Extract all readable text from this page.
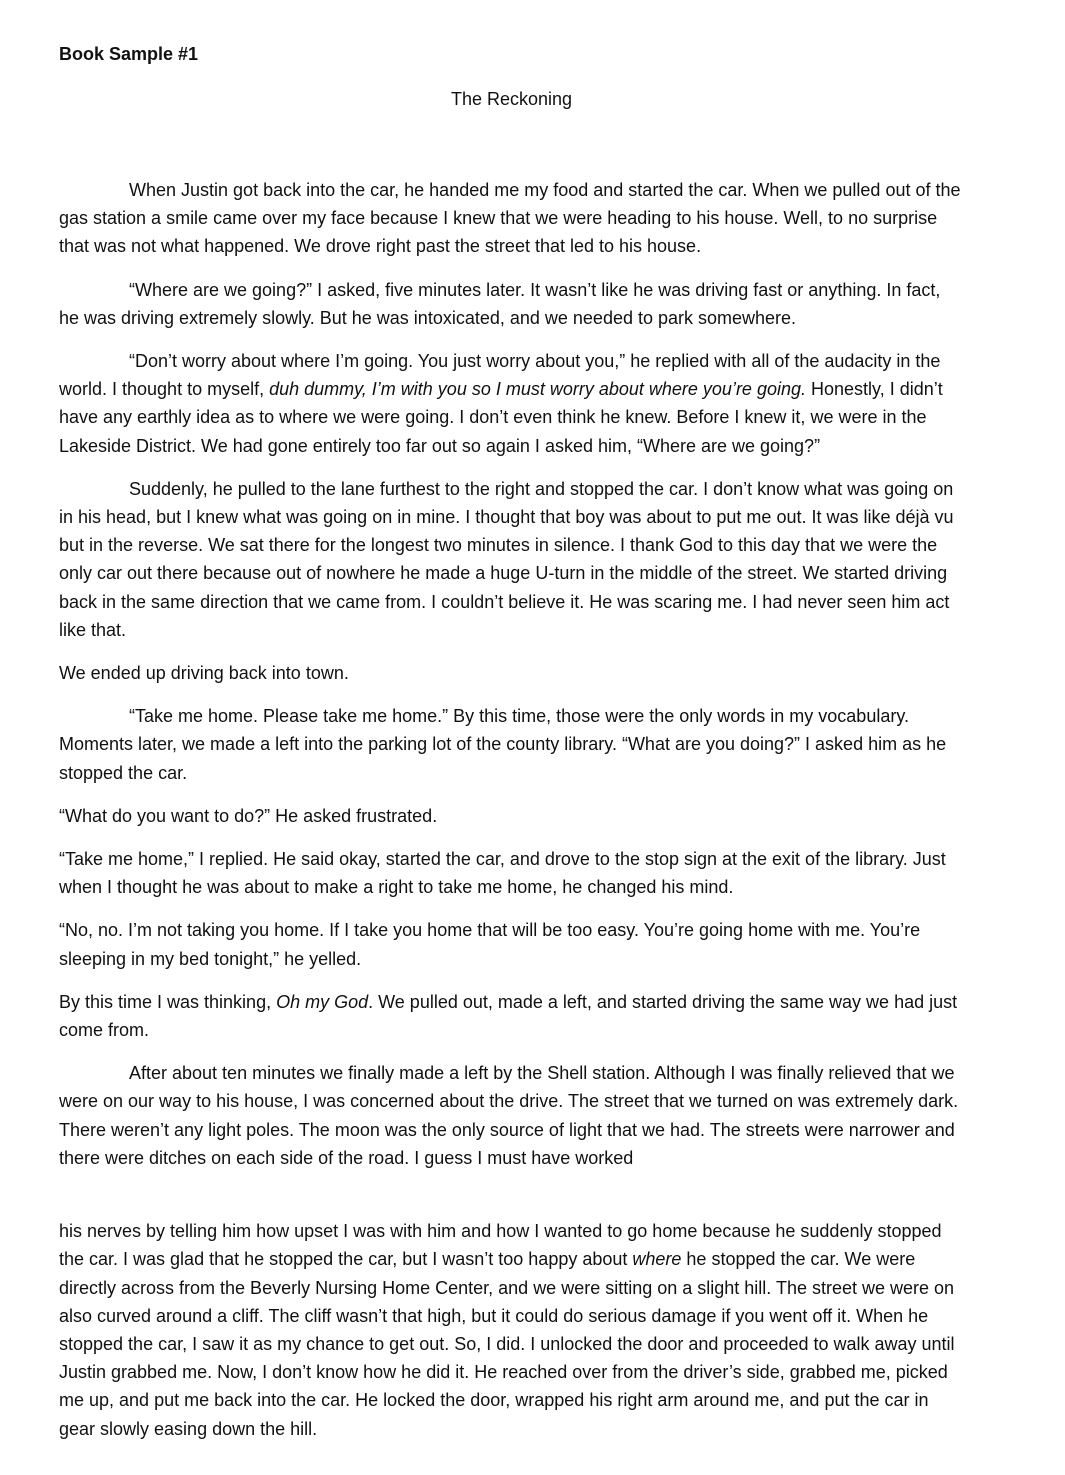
Book Sample #1

The Reckoning

When Justin got back into the car, he handed me my food and started the car. When we pulled out of the gas station a smile came over my face because I knew that we were heading to his house. Well, to no surprise that was not what happened. We drove right past the street that led to his house.

“Where are we going?” I asked, five minutes later. It wasn’t like he was driving fast or anything. In fact, he was driving extremely slowly. But he was intoxicated, and we needed to park somewhere.

“Don’t worry about where I’m going. You just worry about you,” he replied with all of the audacity in the world. I thought to myself, duh dummy, I’m with you so I must worry about where you’re going. Honestly, I didn’t have any earthly idea as to where we were going. I don’t even think he knew. Before I knew it, we were in the Lakeside District. We had gone entirely too far out so again I asked him, “Where are we going?”

Suddenly, he pulled to the lane furthest to the right and stopped the car. I don’t know what was going on in his head, but I knew what was going on in mine. I thought that boy was about to put me out. It was like déjà vu but in the reverse. We sat there for the longest two minutes in silence. I thank God to this day that we were the only car out there because out of nowhere he made a huge U-turn in the middle of the street. We started driving back in the same direction that we came from. I couldn’t believe it. He was scaring me. I had never seen him act like that.

We ended up driving back into town.

“Take me home. Please take me home.” By this time, those were the only words in my vocabulary. Moments later, we made a left into the parking lot of the county library. “What are you doing?” I asked him as he stopped the car.

“What do you want to do?” He asked frustrated.

“Take me home,” I replied. He said okay, started the car, and drove to the stop sign at the exit of the library. Just when I thought he was about to make a right to take me home, he changed his mind.

“No, no. I’m not taking you home. If I take you home that will be too easy. You’re going home with me. You’re sleeping in my bed tonight,” he yelled.

By this time I was thinking, Oh my God. We pulled out, made a left, and started driving the same way we had just come from.

After about ten minutes we finally made a left by the Shell station. Although I was finally relieved that we were on our way to his house, I was concerned about the drive. The street that we turned on was extremely dark. There weren’t any light poles. The moon was the only source of light that we had. The streets were narrower and there were ditches on each side of the road. I guess I must have worked

his nerves by telling him how upset I was with him and how I wanted to go home because he suddenly stopped the car. I was glad that he stopped the car, but I wasn’t too happy about where he stopped the car. We were directly across from the Beverly Nursing Home Center, and we were sitting on a slight hill. The street we were on also curved around a cliff. The cliff wasn’t that high, but it could do serious damage if you went off it. When he stopped the car, I saw it as my chance to get out. So, I did. I unlocked the door and proceeded to walk away until Justin grabbed me. Now, I don’t know how he did it. He reached over from the driver’s side, grabbed me, picked me up, and put me back into the car. He locked the door, wrapped his right arm around me, and put the car in gear slowly easing down the hill.
